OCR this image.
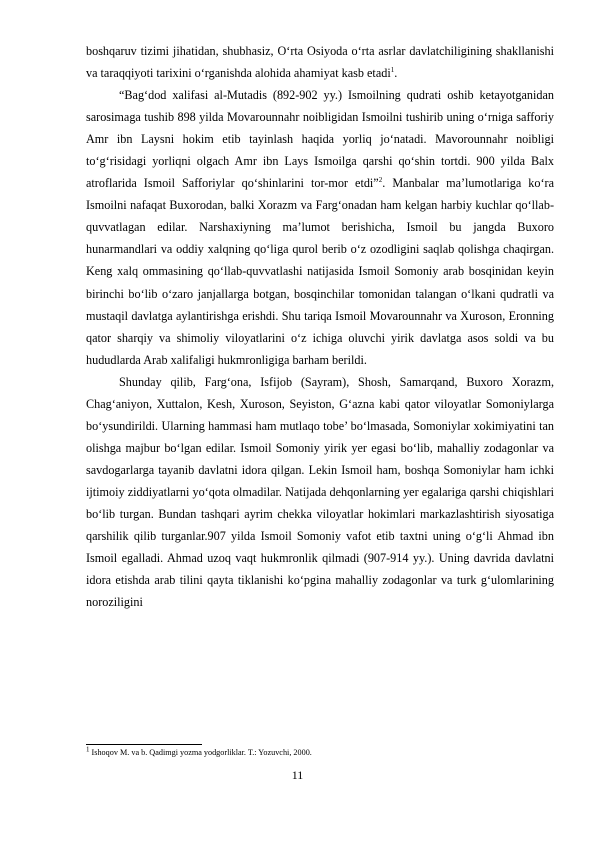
boshqaruv tizimi jihatidan, shubhasiz, O‘rta Osiyoda o‘rta asrlar davlatchiligining shakllanishi va taraqqiyoti tarixini o‘rganishda alohida ahamiyat kasb etadi$^1$.

“Bag‘dod xalifasi al-Mutadis (892-902 yy.) Ismoilning qudrati oshib ketayotganidan sarosimaga tushib 898 yilda Movarounnahr noibligidan Ismoilni tushirib uning o‘rniga safforiy Amr ibn Laysni hokim etib tayinlash haqida yorliq jo‘natadi. Mavorounnahr noibligi to‘g‘risidagi yorliqni olgach Amr ibn Lays Ismoilga qarshi qo‘shin tortdi. 900 yilda Balx atroflarida Ismoil Safforiylar qo‘shinlarini tor-mor etdi”$^2$. Manbalar ma’lumotlariga ko‘ra Ismoilni nafaqat Buxorodan, balki Xorazm va Farg‘onadan ham kelgan harbiy kuchlar qo‘llab-quvvatlagan edilar. Narshaxiyning ma’lumot berishicha, Ismoil bu jangda Buxoro hunarmandlari va oddiy xalqning qo‘liga qurol berib o‘z ozodligini saqlab qolishga chaqirgan. Keng xalq ommasining qo‘llab-quvvatlashi natijasida Ismoil Somoniy arab bosqinidan keyin birinchi bo‘lib o‘zaro janjallarga botgan, bosqinchilar tomonidan talangan o‘lkani qudratli va mustaqil davlatga aylantirishga erishdi. Shu tariqa Ismoil Movarounnahr va Xuroson, Eronning qator sharqiy va shimoliy viloyatlarini o‘z ichiga oluvchi yirik davlatga asos soldi va bu hududlarda Arab xalifaligi hukmronligiga barham berildi.

Shunday qilib, Farg‘ona, Isfijob (Sayram), Shosh, Samarqand, Buxoro Xorazm, Chag‘aniyon, Xuttalon, Kesh, Xuroson, Seyiston, G‘azna kabi qator viloyatlar Somoniylarga bo‘ysundirildi. Ularning hammasi ham mutlaqo tobe’ bo‘lmasada, Somoniylar xokimiyatini tan olishga majbur bo‘lgan edilar. Ismoil Somoniy yirik yer egasi bo‘lib, mahalliy zodagonlar va savdogarlarga tayanib davlatni idora qilgan. Lekin Ismoil ham, boshqa Somoniylar ham ichki ijtimoiy ziddiyatlarni yo‘qota olmadilar. Natijada dehqonlarning yer egalariga qarshi chiqishlari bo‘lib turgan. Bundan tashqari ayrim chekka viloyatlar hokimlari markazlashtirish siyosatiga qarshilik qilib turganlar.907 yilda Ismoil Somoniy vafot etib taxtni uning o‘g‘li Ahmad ibn Ismoil egalladi. Ahmad uzoq vaqt hukmronlik qilmadi (907-914 yy.). Uning davrida davlatni idora etishda arab tilini qayta tiklanishi ko‘pgina mahalliy zodagonlar va turk g‘ulomlarining noroziligini

$^1$ Ishoqov M. va b. Qadimgi yozma yodgorliklar. T.: Yozuvchi, 2000.
11
